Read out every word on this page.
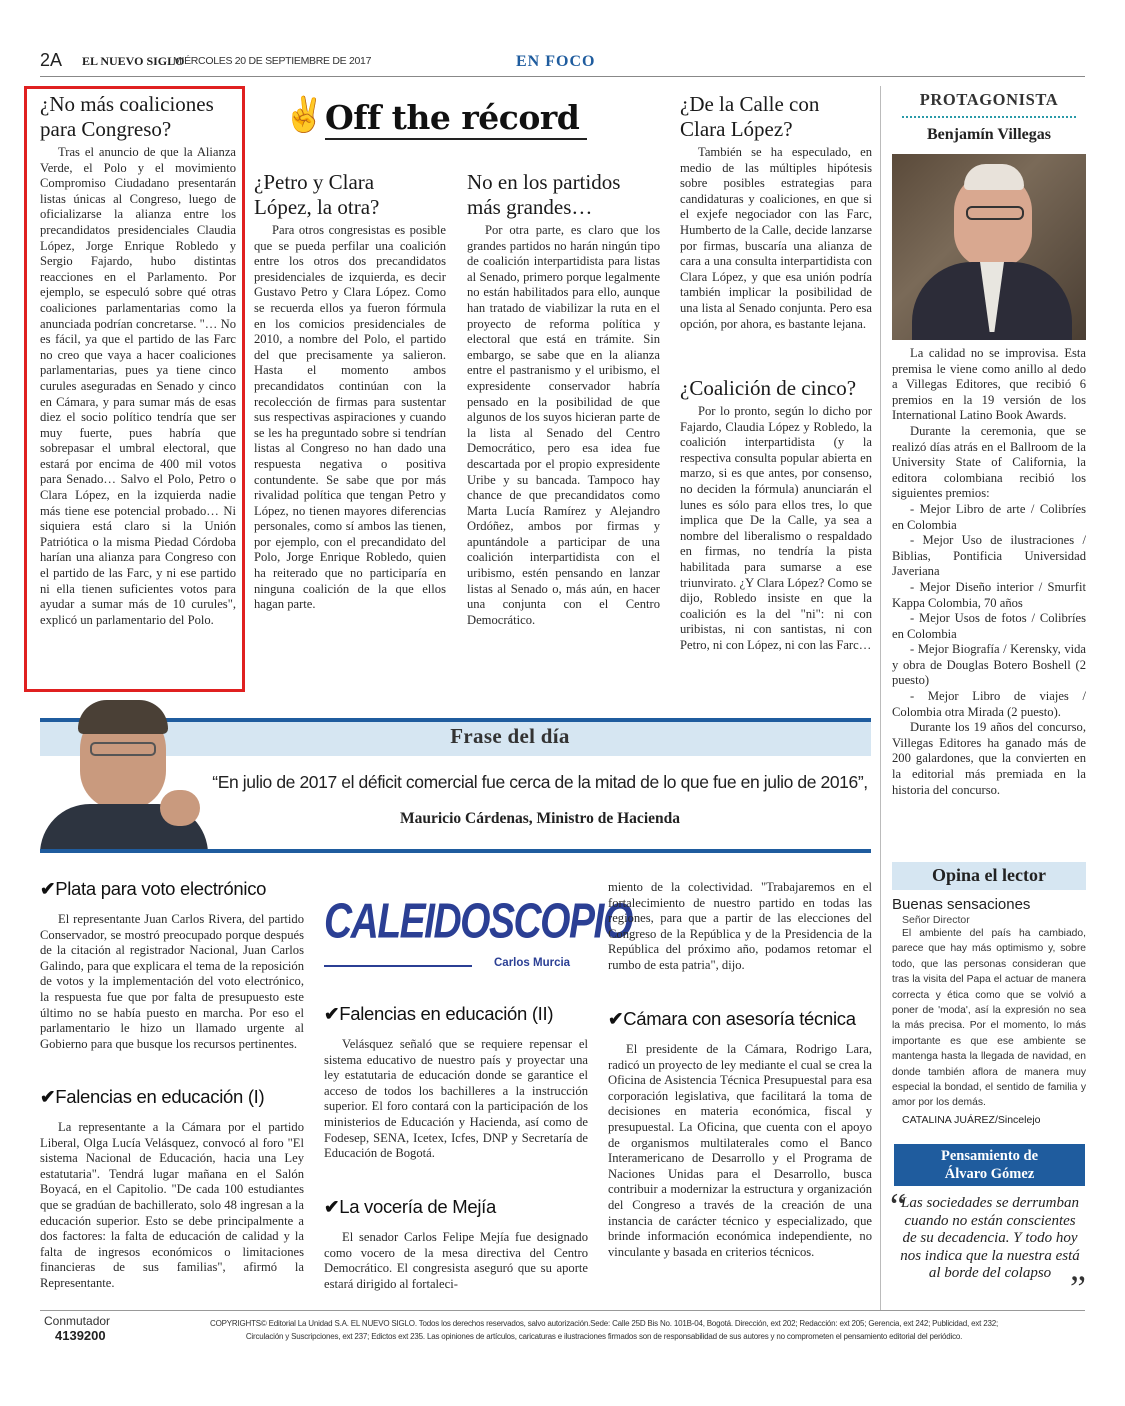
2A EL NUEVO SIGLO
MIÉRCOLES 20 DE SEPTIEMBRE DE 2017	EN FOCO
¿No más coaliciones
para Congreso?

Tras el anuncio de que la Alianza Verde, el Polo y el movimiento Compromiso Ciudadano presentarán listas únicas al Congreso, luego de oficializarse la alianza entre los precandidatos presidenciales Claudia López, Jorge Enrique Robledo y Sergio Fajardo, hubo distintas reacciones en el Parlamento. Por ejemplo, se especuló sobre qué otras coaliciones parlamentarias como la anunciada podrían concretarse. "… No es fácil, ya que el partido de las Farc no creo que vaya a hacer coaliciones parlamentarias, pues ya tiene cinco curules aseguradas en Senado y cinco en Cámara, y para sumar más de esas diez el socio político tendría que ser muy fuerte, pues habría que sobrepasar el umbral electoral, que estará por encima de 400 mil votos para Senado… Salvo el Polo, Petro o Clara López, en la izquierda nadie más tiene ese potencial probado… Ni siquiera está claro si la Unión Patriótica o la misma Piedad Córdoba harían una alianza para Congreso con el partido de las Farc, y ni ese partido ni ella tienen suficientes votos para ayudar a sumar más de 10 curules", explicó un parlamentario del Polo.

✌ Off the récord
¿Petro y Clara
López, la otra?

Para otros congresistas es posible que se pueda perfilar una coalición entre los otros dos precandidatos presidenciales de izquierda, es decir Gustavo Petro y Clara López. Como se recuerda ellos ya fueron fórmula en los comicios presidenciales de 2010, a nombre del Polo, el partido del que precisamente ya salieron. Hasta el momento ambos precandidatos continúan con la recolección de firmas para sustentar sus respectivas aspiraciones y cuando se les ha preguntado sobre si tendrían listas al Congreso no han dado una respuesta negativa o positiva contundente. Se sabe que por más rivalidad política que tengan Petro y López, no tienen mayores diferencias personales, como sí ambos las tienen, por ejemplo, con el precandidato del Polo, Jorge Enrique Robledo, quien ha reiterado que no participaría en ninguna coalición de la que ellos hagan parte.

No en los partidos
más grandes…

Por otra parte, es claro que los grandes partidos no harán ningún tipo de coalición interpartidista para listas al Senado, primero porque legalmente no están habilitados para ello, aunque han tratado de viabilizar la ruta en el proyecto de reforma política y electoral que está en trámite. Sin embargo, se sabe que en la alianza entre el pastranismo y el uribismo, el expresidente conservador habría pensado en la posibilidad de que algunos de los suyos hicieran parte de la lista al Senado del Centro Democrático, pero esa idea fue descartada por el propio expresidente Uribe y su bancada. Tampoco hay chance de que precandidatos como Marta Lucía Ramírez y Alejandro Ordóñez, ambos por firmas y apuntándole a participar de una coalición interpartidista con el uribismo, estén pensando en lanzar listas al Senado o, más aún, en hacer una conjunta con el Centro Democrático.

¿De la Calle con
Clara López?

También se ha especulado, en medio de las múltiples hipótesis sobre posibles estrategias para candidaturas y coaliciones, en que si el exjefe negociador con las Farc, Humberto de la Calle, decide lanzarse por firmas, buscaría una alianza de cara a una consulta interpartidista con Clara López, y que esa unión podría también implicar la posibilidad de una lista al Senado conjunta. Pero esa opción, por ahora, es bastante lejana.

¿Coalición de cinco?

Por lo pronto, según lo dicho por Fajardo, Claudia López y Robledo, la coalición interpartidista (y la respectiva consulta popular abierta en marzo, si es que antes, por consenso, no deciden la fórmula) anunciarán el lunes es sólo para ellos tres, lo que implica que De la Calle, ya sea a nombre del liberalismo o respaldado en firmas, no tendría la pista habilitada para sumarse a ese triunvirato. ¿Y Clara López? Como se dijo, Robledo insiste en que la coalición es la del "ni": ni con uribistas, ni con santistas, ni con Petro, ni con López, ni con las Farc…

PROTAGONISTA
Benjamín Villegas

La calidad no se improvisa. Esta premisa le viene como anillo al dedo a Villegas Editores, que recibió 6 premios en la 19 versión de los International Latino Book Awards.

Durante la ceremonia, que se realizó días atrás en el Ballroom de la University State of California, la editora colombiana recibió los siguientes premios:

- Mejor Libro de arte / Colibríes en Colombia

- Mejor Uso de ilustraciones / Biblias, Pontificia Universidad Javeriana

- Mejor Diseño interior / Smurfit Kappa Colombia, 70 años

- Mejor Usos de fotos / Colibríes en Colombia

- Mejor Biografía / Kerensky, vida y obra de Douglas Botero Boshell (2 puesto)

- Mejor Libro de viajes / Colombia otra Mirada (2 puesto).

Durante los 19 años del concurso, Villegas Editores ha ganado más de 200 galardones, que la convierten en la editorial más premiada en la historia del concurso.

Frase del día
“En julio de 2017 el déficit comercial fue cerca de la mitad de lo que fue en julio de 2016”,
Mauricio Cárdenas, Ministro de Hacienda
✔Plata para voto electrónico

El representante Juan Carlos Rivera, del partido Conservador, se mostró preocupado porque después de la citación al registrador Nacional, Juan Carlos Galindo, para que explicara el tema de la reposición de votos y la implementación del voto electrónico, la respuesta fue que por falta de presupuesto este último no se había puesto en marcha. Por eso el parlamentario le hizo un llamado urgente al Gobierno para que busque los recursos pertinentes.

✔Falencias en educación (I)

La representante a la Cámara por el partido Liberal, Olga Lucía Velásquez, convocó al foro "El sistema Nacional de Educación, hacia una Ley estatutaria". Tendrá lugar mañana en el Salón Boyacá, en el Capitolio. "De cada 100 estudiantes que se gradúan de bachillerato, solo 48 ingresan a la educación superior. Esto se debe principalmente a dos factores: la falta de educación de calidad y la falta de ingresos económicos o limitaciones financieras de sus familias", afirmó la Representante.

CALEIDOSCOPIO
Carlos Murcia
✔Falencias en educación (II)

Velásquez señaló que se requiere repensar el sistema educativo de nuestro país y proyectar una ley estatutaria de educación donde se garantice el acceso de todos los bachilleres a la instrucción superior. El foro contará con la participación de los ministerios de Educación y Hacienda, así como de Fodesep, SENA, Icetex, Icfes, DNP y Secretaría de Educación de Bogotá.

✔La vocería de Mejía

El senador Carlos Felipe Mejía fue designado como vocero de la mesa directiva del Centro Democrático. El congresista aseguró que su aporte estará dirigido al fortaleci-

miento de la colectividad. "Trabajaremos en el fortalecimiento de nuestro partido en todas las regiones, para que a partir de las elecciones del Congreso de la República y de la Presidencia de la República del próximo año, podamos retomar el rumbo de esta patria", dijo.

✔Cámara con asesoría técnica

El presidente de la Cámara, Rodrigo Lara, radicó un proyecto de ley mediante el cual se crea la Oficina de Asistencia Técnica Presupuestal para esa corporación legislativa, que facilitará la toma de decisiones en materia económica, fiscal y presupuestal. La Oficina, que cuenta con el apoyo de organismos multilaterales como el Banco Interamericano de Desarrollo y el Programa de Naciones Unidas para el Desarrollo, busca contribuir a modernizar la estructura y organización del Congreso a través de la creación de una instancia de carácter técnico y especializado, que brinde información económica independiente, no vinculante y basada en criterios técnicos.

Opina el lector
Buenas sensaciones
Señor Director

El ambiente del país ha cambiado, parece que hay más optimismo y, sobre todo, que las personas consideran que tras la visita del Papa el actuar de manera correcta y ética como que se volvió a poner de 'moda', así la expresión no sea la más precisa. Por el momento, lo más importante es que ese ambiente se mantenga hasta la llegada de navidad, en donde también aflora de manera muy especial la bondad, el sentido de familia y amor por los demás.

CATALINA JUÁREZ/Sincelejo
Pensamiento de
Álvaro Gómez
“
Las sociedades se derrumban cuando no están conscientes de su decadencia. Y todo hoy nos indica que la nuestra está al borde del colapso ”
Conmutador
4139200
COPYRIGHTS© Editorial La Unidad S.A. EL NUEVO SIGLO. Todos los derechos reservados, salvo autorización.Sede: Calle 25D Bis No. 101B-04, Bogotá. Dirección, ext 202; Redacción: ext 205; Gerencia, ext 242; Publicidad, ext 232;
Circulación y Suscripciones, ext 237; Edictos ext 235. Las opiniones de artículos, caricaturas e ilustraciones firmados son de responsabilidad de sus autores y no comprometen el pensamiento editorial del periódico.
